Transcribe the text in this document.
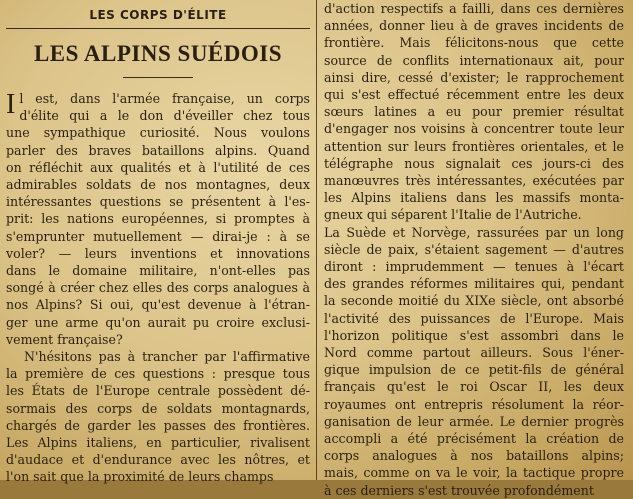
LES CORPS D'ÉLITE
LES ALPINS SUÉDOIS
I l est, dans l'armée française, un corps
d'élite qui a le don d'éveiller chez tous
une sympathique curiosité. Nous voulons
parler des braves bataillons alpins. Quand
on réfléchit aux qualités et à l'utilité de ces
admirables soldats de nos montagnes, deux
intéressantes questions se présentent à l'es-
prit: les nations européennes, si promptes à
s'emprunter mutuellement — dirai-je : à se
voler? — leurs inventions et innovations
dans le domaine militaire, n'ont-elles pas
songé à créer chez elles des corps analogues à
nos Alpins? Si oui, qu'est devenue à l'étran-
ger une arme qu'on aurait pu croire exclusi-
vement française?
N'hésitons pas à trancher par l'affirmative
la première de ces questions : presque tous
les États de l'Europe centrale possèdent dé-
sormais des corps de soldats montagnards,
chargés de garder les passes des frontières.
Les Alpins italiens, en particulier, rivalisent
d'audace et d'endurance avec les nôtres, et
l'on sait que la proximité de leurs champs
d'action respectifs a failli, dans ces dernières
années, donner lieu à de graves incidents de
frontière. Mais félicitons-nous que cette
source de conflits internationaux ait, pour
ainsi dire, cessé d'exister; le rapprochement
qui s'est effectué récemment entre les deux
sœurs latines a eu pour premier résultat
d'engager nos voisins à concentrer toute leur
attention sur leurs frontières orientales, et le
télégraphe nous signalait ces jours-ci des
manœuvres très intéressantes, exécutées par
les Alpins italiens dans les massifs monta-
gneux qui séparent l'Italie de l'Autriche.
La Suède et Norvège, rassurées par un long
siècle de paix, s'étaient sagement — d'autres
diront : imprudemment — tenues à l'écart
des grandes réformes militaires qui, pendant
la seconde moitié du XIXe siècle, ont absorbé
l'activité des puissances de l'Europe. Mais
l'horizon politique s'est assombri dans le
Nord comme partout ailleurs. Sous l'éner-
gique impulsion de ce petit-fils de général
français qu'est le roi Oscar II, les deux
royaumes ont entrepris résolument la réor-
ganisation de leur armée. Le dernier progrès
accompli a été précisément la création de
corps analogues à nos bataillons alpins;
mais, comme on va le voir, la tactique propre
à ces derniers s'est trouvée profondément
